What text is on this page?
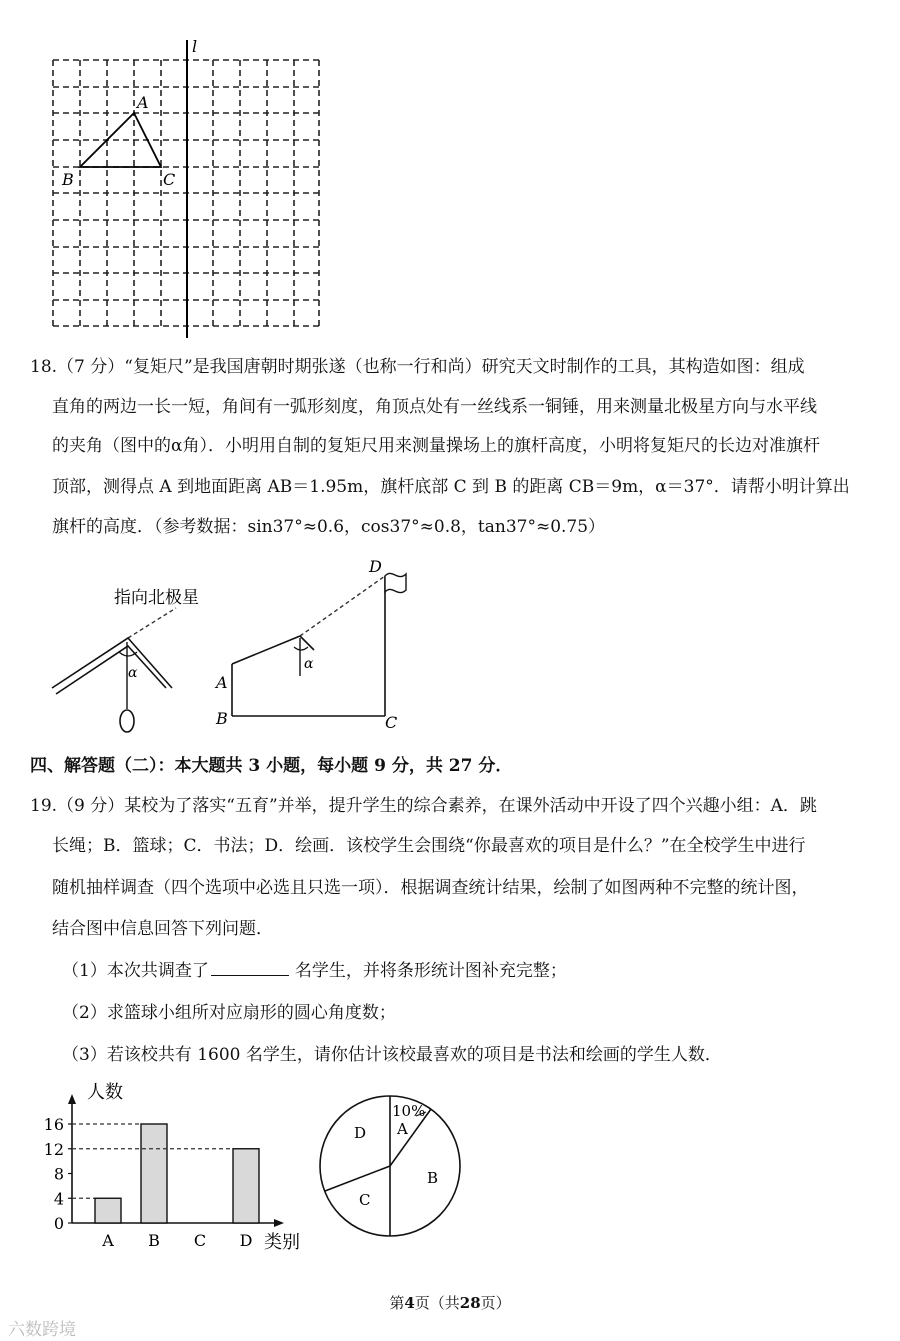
l
A
B	C
18.（7 分）“复矩尺”是我国唐朝时期张遂（也称一行和尚）研究天文时制作的工具，其构造如图：组成
直角的两边一长一短，角间有一弧形刻度，角顶点处有一丝线系一铜锤，用来测量北极星方向与水平线
的夹角（图中的α角）．小明用自制的复矩尺用来测量操场上的旗杆高度，小明将复矩尺的长边对准旗杆
顶部，测得点 A 到地面距离 AB＝1.95m，旗杆底部 C 到 B 的距离 CB＝9m，α＝37°．请帮小明计算出
旗杆的高度．（参考数据：sin37°≈0.6，cos37°≈0.8，tan37°≈0.75）
指向北极星
α
α
D
A
B	C
四、解答题（二）：本大题共 3 小题，每小题 9 分，共 27 分．
19.（9 分）某校为了落实“五育”并举，提升学生的综合素养，在课外活动中开设了四个兴趣小组：A．跳
长绳；B．篮球；C．书法；D．绘画．该校学生会围绕“你最喜欢的项目是什么？”在全校学生中进行
随机抽样调查（四个选项中必选且只选一项）．根据调查统计结果，绘制了如图两种不完整的统计图，
结合图中信息回答下列问题．
（1）本次共调查了	名学生，并将条形统计图补充完整；
（2）求篮球小组所对应扇形的圆心角度数；
（3）若该校共有 1600 名学生，请你估计该校最喜欢的项目是书法和绘画的学生人数．
人数
类别
0
4
8
12
16
A B C D
10%
A
B
C
D
第4页（共28页）
六数跨境
